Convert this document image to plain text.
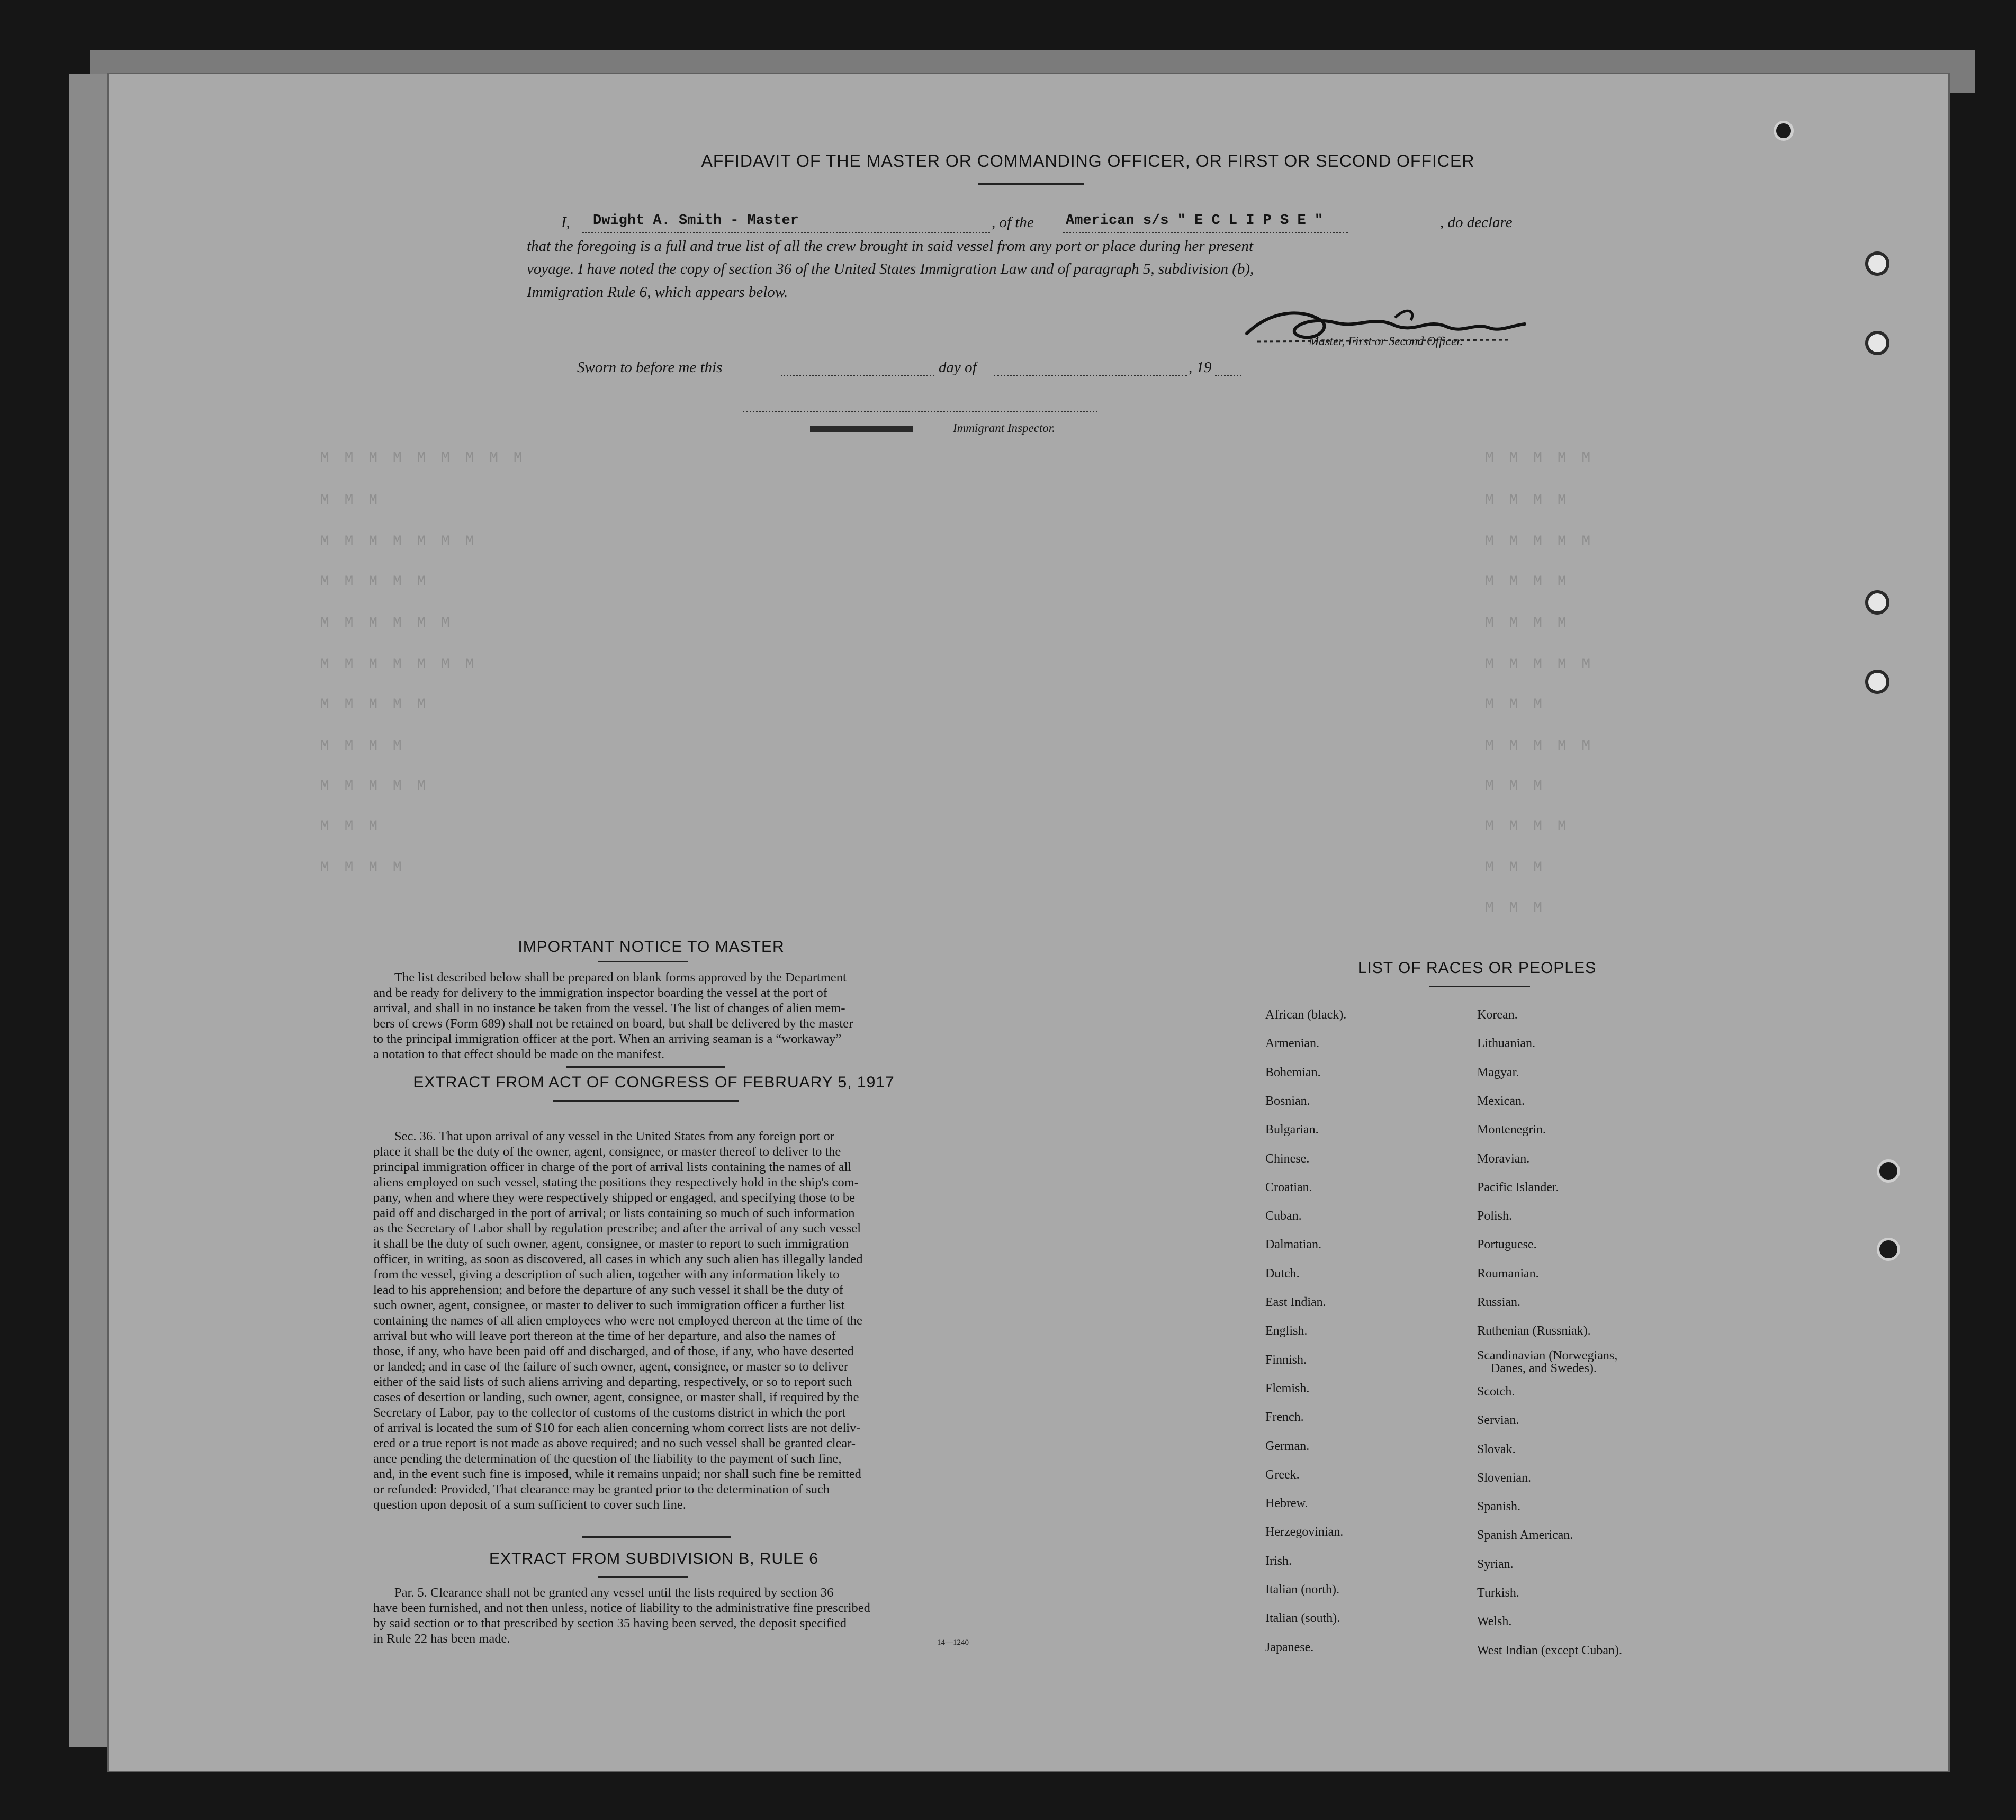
M M M M M M M M M
M M M
M M M M M M M
M M M M M
M M M M M M
M M M M M M M
M M M M M
M M M M
M M M M M
M M M
M M M M
M M M M M
M M M M
M M M M M
M M M M
M M M M
M M M M M
M M M
M M M M M
M M M
M M M M
M M M
M M M
AFFIDAVIT OF THE MASTER OR COMMANDING OFFICER, OR FIRST OR SECOND OFFICER
I, Dwight A. Smith - Master	, of the American s/s " E C L I P S E "	, do declare
that the foregoing is a full and true list of all the crew brought in said vessel from any port or place during her present
voyage. I have noted the copy of section 36 of the United States Immigration Law and of paragraph 5, subdivision (b),
Immigration Rule 6, which appears below.
Master, First or Second Officer.
Sworn to before me this	day of	, 19
Immigrant Inspector.
IMPORTANT NOTICE TO MASTER
The list described below shall be prepared on blank forms approved by the Department
and be ready for delivery to the immigration inspector boarding the vessel at the port of
arrival, and shall in no instance be taken from the vessel. The list of changes of alien mem-
bers of crews (Form 689) shall not be retained on board, but shall be delivered by the master
to the principal immigration officer at the port. When an arriving seaman is a “workaway”
a notation to that effect should be made on the manifest.
EXTRACT FROM ACT OF CONGRESS OF FEBRUARY 5, 1917
Sec. 36. That upon arrival of any vessel in the United States from any foreign port or
place it shall be the duty of the owner, agent, consignee, or master thereof to deliver to the
principal immigration officer in charge of the port of arrival lists containing the names of all
aliens employed on such vessel, stating the positions they respectively hold in the ship's com-
pany, when and where they were respectively shipped or engaged, and specifying those to be
paid off and discharged in the port of arrival; or lists containing so much of such information
as the Secretary of Labor shall by regulation prescribe; and after the arrival of any such vessel
it shall be the duty of such owner, agent, consignee, or master to report to such immigration
officer, in writing, as soon as discovered, all cases in which any such alien has illegally landed
from the vessel, giving a description of such alien, together with any information likely to
lead to his apprehension; and before the departure of any such vessel it shall be the duty of
such owner, agent, consignee, or master to deliver to such immigration officer a further list
containing the names of all alien employees who were not employed thereon at the time of the
arrival but who will leave port thereon at the time of her departure, and also the names of
those, if any, who have been paid off and discharged, and of those, if any, who have deserted
or landed; and in case of the failure of such owner, agent, consignee, or master so to deliver
either of the said lists of such aliens arriving and departing, respectively, or so to report such
cases of desertion or landing, such owner, agent, consignee, or master shall, if required by the
Secretary of Labor, pay to the collector of customs of the customs district in which the port
of arrival is located the sum of $10 for each alien concerning whom correct lists are not deliv-
ered or a true report is not made as above required; and no such vessel shall be granted clear-
ance pending the determination of the question of the liability to the payment of such fine,
and, in the event such fine is imposed, while it remains unpaid; nor shall such fine be remitted
or refunded: Provided, That clearance may be granted prior to the determination of such
question upon deposit of a sum sufficient to cover such fine.
EXTRACT FROM SUBDIVISION B, RULE 6
Par. 5. Clearance shall not be granted any vessel until the lists required by section 36
have been furnished, and not then unless, notice of liability to the administrative fine prescribed
by said section or to that prescribed by section 35 having been served, the deposit specified
in Rule 22 has been made.	14—1240
LIST OF RACES OR PEOPLES
African (black).
Armenian.
Bohemian.
Bosnian.
Bulgarian.
Chinese.
Croatian.
Cuban.
Dalmatian.
Dutch.
East Indian.
English.
Finnish.
Flemish.
French.
German.
Greek.
Hebrew.
Herzegovinian.
Irish.
Italian (north).
Italian (south).
Japanese.
Korean.
Lithuanian.
Magyar.
Mexican.
Montenegrin.
Moravian.
Pacific Islander.
Polish.
Portuguese.
Roumanian.
Russian.
Ruthenian (Russniak).
Scandinavian (Norwegians,
Danes, and Swedes).
Scotch.
Servian.
Slovak.
Slovenian.
Spanish.
Spanish American.
Syrian.
Turkish.
Welsh.
West Indian (except Cuban).
